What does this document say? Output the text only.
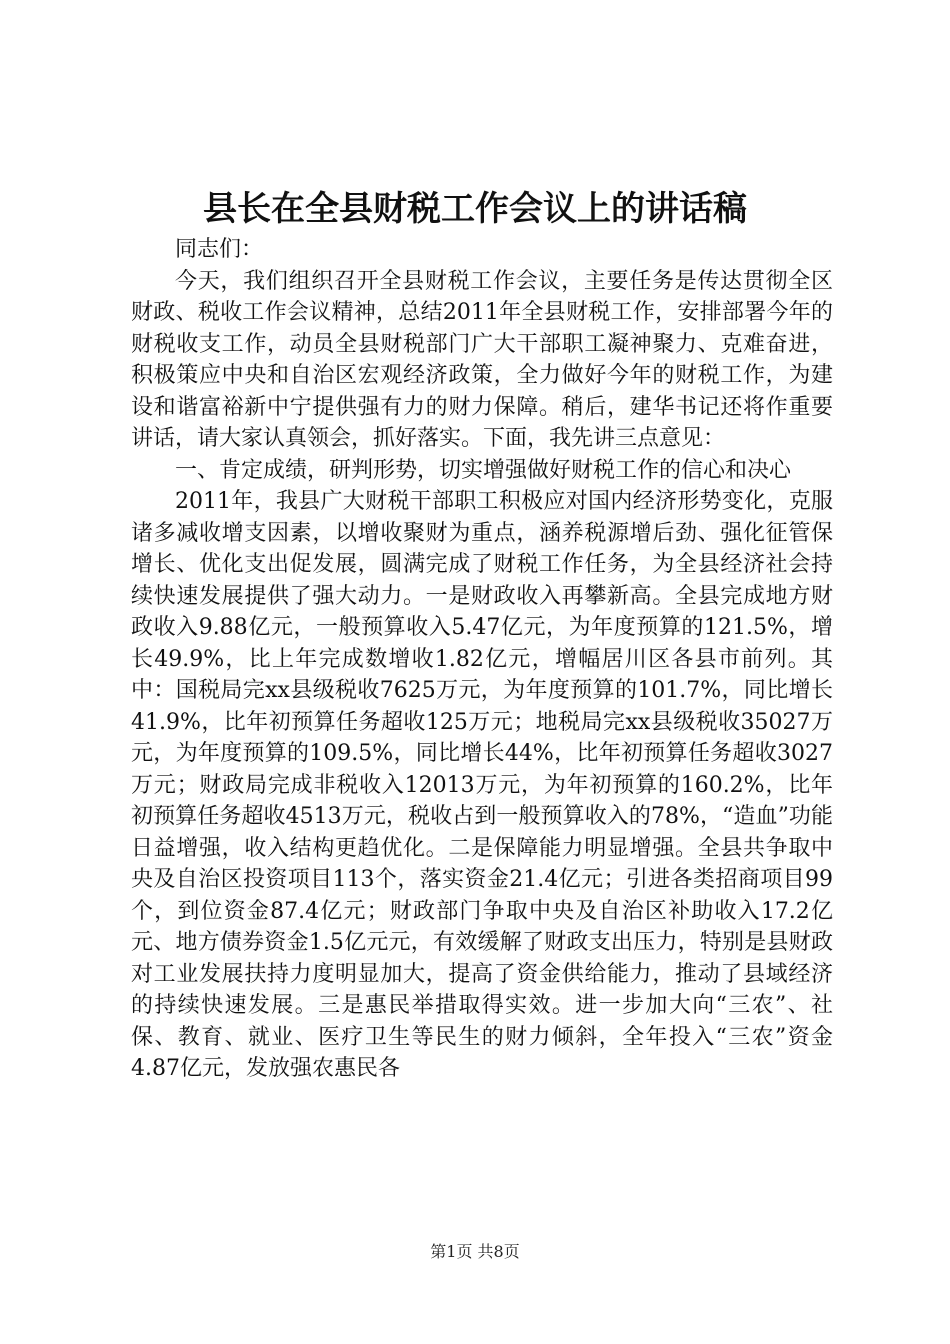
县长在全县财税工作会议上的讲话稿

同志们：

今天，我们组织召开全县财税工作会议，主要任务是传达贯彻全区财政、税收工作会议精神，总结2011年全县财税工作，安排部署今年的财税收支工作，动员全县财税部门广大干部职工凝神聚力、克难奋进，积极策应中央和自治区宏观经济政策，全力做好今年的财税工作，为建设和谐富裕新中宁提供强有力的财力保障。稍后，建华书记还将作重要讲话，请大家认真领会，抓好落实。下面，我先讲三点意见：

一、肯定成绩，研判形势，切实增强做好财税工作的信心和决心

2011年，我县广大财税干部职工积极应对国内经济形势变化，克服诸多减收增支因素，以增收聚财为重点，涵养税源增后劲、强化征管保增长、优化支出促发展，圆满完成了财税工作任务，为全县经济社会持续快速发展提供了强大动力。一是财政收入再攀新高。全县完成地方财政收入9.88亿元，一般预算收入5.47亿元，为年度预算的121.5%，增长49.9%，比上年完成数增收1.82亿元，增幅居川区各县市前列。其中：国税局完xx县级税收7625万元，为年度预算的101.7%，同比增长41.9%，比年初预算任务超收125万元；地税局完xx县级税收35027万元，为年度预算的109.5%，同比增长44%，比年初预算任务超收3027万元；财政局完成非税收入12013万元，为年初预算的160.2%，比年初预算任务超收4513万元，税收占到一般预算收入的78%，“造血”功能日益增强，收入结构更趋优化。二是保障能力明显增强。全县共争取中央及自治区投资项目113个，落实资金21.4亿元；引进各类招商项目99个，到位资金87.4亿元；财政部门争取中央及自治区补助收入17.2亿元、地方债券资金1.5亿元元，有效缓解了财政支出压力，特别是县财政对工业发展扶持力度明显加大，提高了资金供给能力，推动了县域经济的持续快速发展。三是惠民举措取得实效。进一步加大向“三农”、社保、教育、就业、医疗卫生等民生的财力倾斜，全年投入“三农”资金4.87亿元，发放强农惠民各

第1页 共8页
